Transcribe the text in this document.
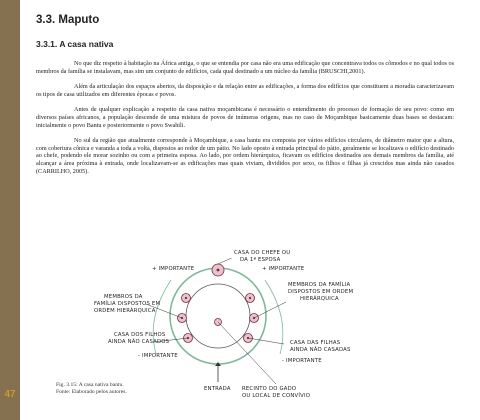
47
3.3. Maputo
3.3.1. A casa nativa

No que diz respeito à habitação na África antiga, o que se entendia por casa não era uma edificação que concentrava todos os cômodos e no qual todos os membros da família se instalavam, mas sim um conjunto de edifícios, cada qual destinado a um núcleo da família (BRUSCHI,2001).

Além da articulação dos espaços abertos, da disposição e da relação entre as edificações, a forma dos edifícios que constituem a moradia caracterizavam os tipos de casa utilizados em diferentes épocas e povos.

Antes de qualquer explicação a respeito da casa nativa moçambicana é necessário o entendimento do processo de formação de seu povo: como em diversos países africanos, a população descende de uma mistura de povos de inúmeras origens, mas no caso de Moçambique basicamente duas bases se destacam: inicialmente o povo Bantu e posteriormente o povo Swahili.

No sul da região que atualmente corresponde à Moçambique, a casa bantu era composta por vários edifícios circulares, de diâmetro maior que a altura, com cobertura cônica e varanda a toda a volta, dispostos ao redor de um pátio. No lado oposto à entrada principal do pátio, geralmente se localizava o edifício destinado ao chefe, podendo ele morar sozinho ou com a primeira esposa. Ao lado, por ordem hierárquica, ficavam os edifícios destinados aos demais membros da família, até alcançar a área próxima à entrada, onde localizavam-se as edificações mas quais viviam, divididos por sexo, os filhos e filhas já crescidos mas ainda não casados (CARRILHO, 2005).

CASA DO CHEFE OU
DA 1ª ESPOSA
+ IMPORTANTE	+ IMPORTANTE
MEMBROS DA
FAMÍLIA DISPOSTOS EM
ORDEM HIERÁRQUICA
MEMBROS DA FAMÍLIA
DISPOSTOS EM ORDEM
HIERÁRQUICA
CASA DOS FILHOS
AINDA NÃO CASADOS	CASA DAS FILHAS
AINDA NÃO CASADAS
- IMPORTANTE
- IMPORTANTE
ENTRADA RECINTO DO GADO
OU LOCAL DE CONVÍVIO
Fig. 3.15: A casa nativa bantu.
Fonte: Elaborado pelos autores.
